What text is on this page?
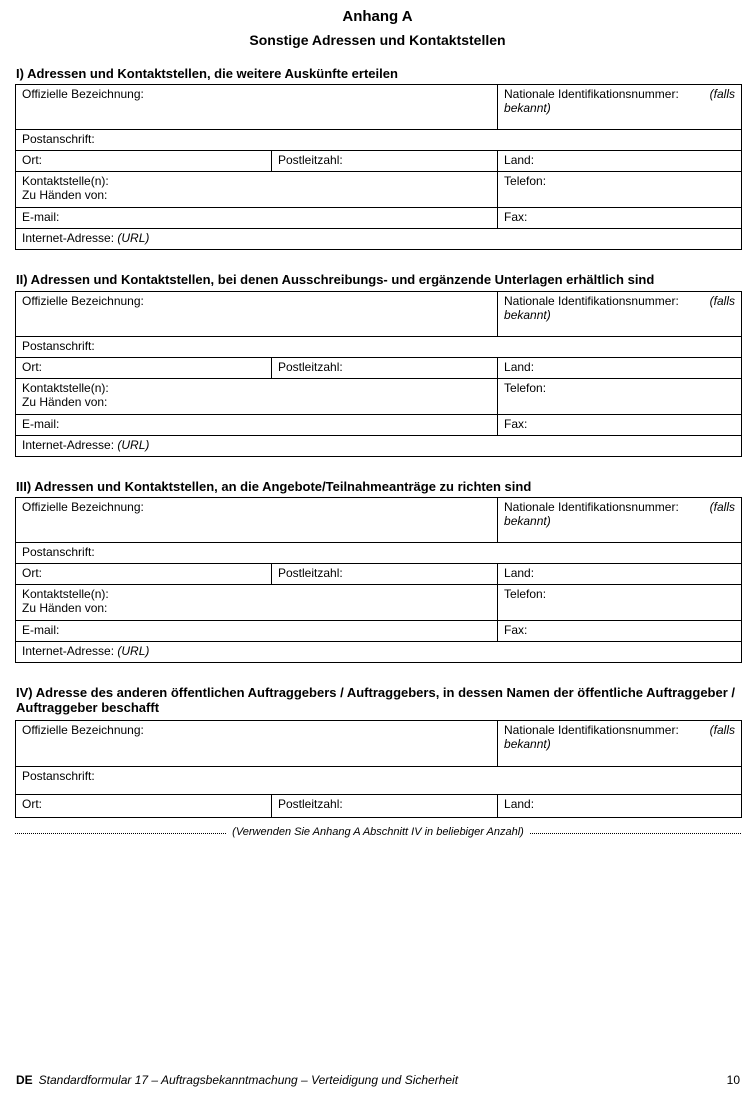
Anhang A
Sonstige Adressen und Kontaktstellen
I) Adressen und Kontaktstellen, die weitere Auskünfte erteilen
Offizielle Bezeichnung:		Nationale Identifikationsnummer: (falls
bekannt)

Postanschrift:		
Ort:	Postleitzahl:	Land:

Kontaktstelle(n):
Zu Händen von:		Telefon:
E-mail:		Fax:
Internet-Adresse: (URL)		
II) Adressen und Kontaktstellen, bei denen Ausschreibungs- und ergänzende Unterlagen erhältlich sind
Offizielle Bezeichnung:		Nationale Identifikationsnummer: (falls
bekannt)

Postanschrift:		
Ort:	Postleitzahl:	Land:

Kontaktstelle(n):
Zu Händen von:		Telefon:
E-mail:		Fax:
Internet-Adresse: (URL)		
III) Adressen und Kontaktstellen, an die Angebote/Teilnahmeanträge zu richten sind
Offizielle Bezeichnung:		Nationale Identifikationsnummer: (falls
bekannt)

Postanschrift:		
Ort:	Postleitzahl:	Land:

Kontaktstelle(n):
Zu Händen von:		Telefon:
E-mail:		Fax:
Internet-Adresse: (URL)		
IV) Adresse des anderen öffentlichen Auftraggebers / Auftraggebers, in dessen Namen der öffentliche Auftraggeber / Auftraggeber beschafft
Offizielle Bezeichnung:		Nationale Identifikationsnummer: (falls
bekannt)

Postanschrift:		
Ort:	Postleitzahl:	Land:
(Verwenden Sie Anhang A Abschnitt IV in beliebiger Anzahl)
DE Standardformular 17 – Auftragsbekanntmachung – Verteidigung und Sicherheit	10
